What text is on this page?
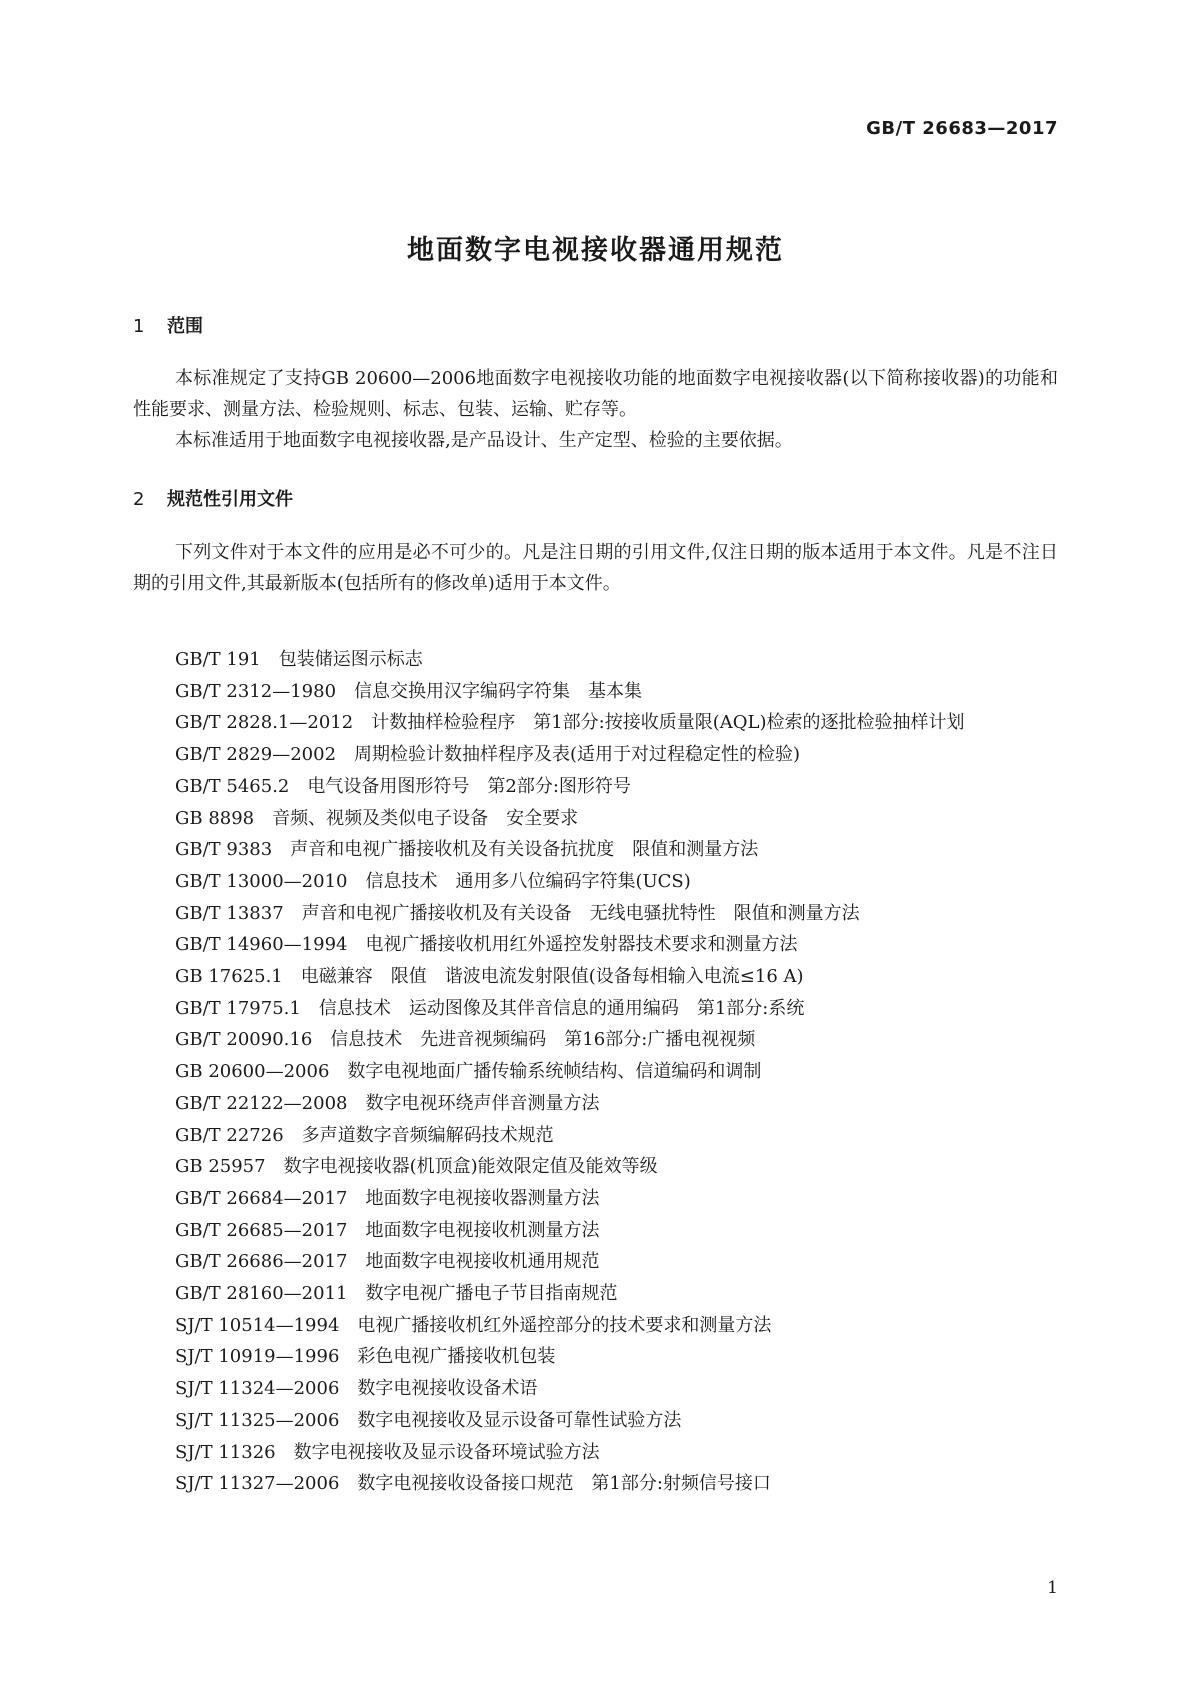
GB/T 26683—2017
地面数字电视接收器通用规范
1 范围
本标准规定了支持GB 20600—2006地面数字电视接收功能的地面数字电视接收器(以下简称接收器)的功能和性能要求、测量方法、检验规则、标志、包装、运输、贮存等。
本标准适用于地面数字电视接收器,是产品设计、生产定型、检验的主要依据。
2 规范性引用文件
下列文件对于本文件的应用是必不可少的。凡是注日期的引用文件,仅注日期的版本适用于本文件。凡是不注日期的引用文件,其最新版本(包括所有的修改单)适用于本文件。
GB/T 191 包装储运图示标志
GB/T 2312—1980 信息交换用汉字编码字符集　基本集
GB/T 2828.1—2012 计数抽样检验程序　第1部分:按接收质量限(AQL)检索的逐批检验抽样计划
GB/T 2829—2002 周期检验计数抽样程序及表(适用于对过程稳定性的检验)
GB/T 5465.2 电气设备用图形符号　第2部分:图形符号
GB 8898 音频、视频及类似电子设备　安全要求
GB/T 9383 声音和电视广播接收机及有关设备抗扰度　限值和测量方法
GB/T 13000—2010 信息技术　通用多八位编码字符集(UCS)
GB/T 13837 声音和电视广播接收机及有关设备　无线电骚扰特性　限值和测量方法
GB/T 14960—1994 电视广播接收机用红外遥控发射器技术要求和测量方法
GB 17625.1 电磁兼容　限值　谐波电流发射限值(设备每相输入电流≤16 A)
GB/T 17975.1 信息技术　运动图像及其伴音信息的通用编码　第1部分:系统
GB/T 20090.16 信息技术　先进音视频编码　第16部分:广播电视视频
GB 20600—2006 数字电视地面广播传输系统帧结构、信道编码和调制
GB/T 22122—2008 数字电视环绕声伴音测量方法
GB/T 22726 多声道数字音频编解码技术规范
GB 25957 数字电视接收器(机顶盒)能效限定值及能效等级
GB/T 26684—2017 地面数字电视接收器测量方法
GB/T 26685—2017 地面数字电视接收机测量方法
GB/T 26686—2017 地面数字电视接收机通用规范
GB/T 28160—2011 数字电视广播电子节目指南规范
SJ/T 10514—1994 电视广播接收机红外遥控部分的技术要求和测量方法
SJ/T 10919—1996 彩色电视广播接收机包装
SJ/T 11324—2006 数字电视接收设备术语
SJ/T 11325—2006 数字电视接收及显示设备可靠性试验方法
SJ/T 11326 数字电视接收及显示设备环境试验方法
SJ/T 11327—2006 数字电视接收设备接口规范　第1部分:射频信号接口
1
